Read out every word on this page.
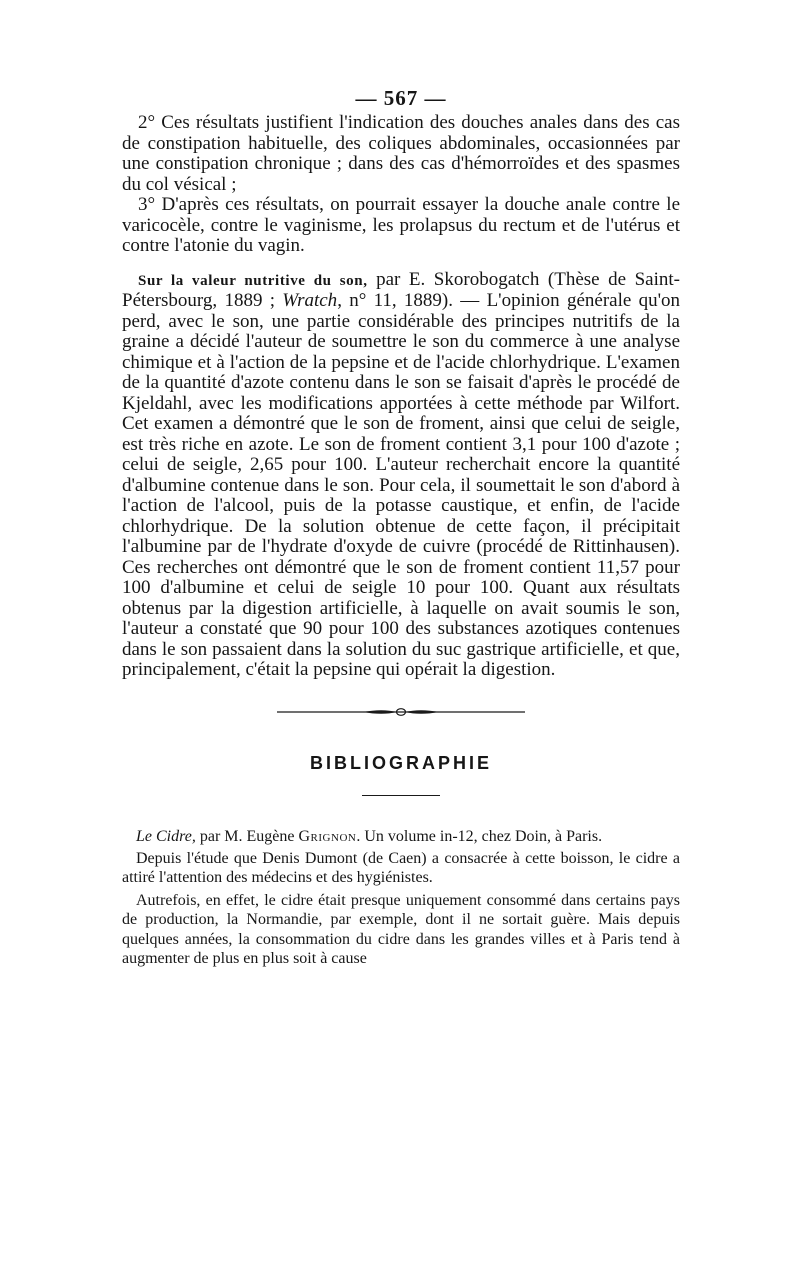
— 567 —

2° Ces résultats justifient l'indication des douches anales dans des cas de constipation habituelle, des coliques abdominales, occasionnées par une constipation chronique ; dans des cas d'hémorroïdes et des spasmes du col vésical ;

3° D'après ces résultats, on pourrait essayer la douche anale contre le varicocèle, contre le vaginisme, les prolapsus du rectum et de l'utérus et contre l'atonie du vagin.

Sur la valeur nutritive du son, par E. Skorobogatch (Thèse de Saint-Pétersbourg, 1889 ; Wratch, n° 11, 1889). — L'opinion générale qu'on perd, avec le son, une partie considérable des principes nutritifs de la graine a décidé l'auteur de soumettre le son du commerce à une analyse chimique et à l'action de la pepsine et de l'acide chlorhydrique. L'examen de la quantité d'azote contenu dans le son se faisait d'après le procédé de Kjeldahl, avec les modifications apportées à cette méthode par Wilfort. Cet examen a démontré que le son de froment, ainsi que celui de seigle, est très riche en azote. Le son de froment contient 3,1 pour 100 d'azote ; celui de seigle, 2,65 pour 100. L'auteur recherchait encore la quantité d'albumine contenue dans le son. Pour cela, il soumettait le son d'abord à l'action de l'alcool, puis de la potasse caustique, et enfin, de l'acide chlorhydrique. De la solution obtenue de cette façon, il précipitait l'albumine par de l'hydrate d'oxyde de cuivre (procédé de Rittinhausen). Ces recherches ont démontré que le son de froment contient 11,57 pour 100 d'albumine et celui de seigle 10 pour 100. Quant aux résultats obtenus par la digestion artificielle, à laquelle on avait soumis le son, l'auteur a constaté que 90 pour 100 des substances azotiques contenues dans le son passaient dans la solution du suc gastrique artificielle, et que, principalement, c'était la pepsine qui opérait la digestion.

BIBLIOGRAPHIE

Le Cidre, par M. Eugène Grignon. Un volume in-12, chez Doin, à Paris.

Depuis l'étude que Denis Dumont (de Caen) a consacrée à cette boisson, le cidre a attiré l'attention des médecins et des hygiénistes.

Autrefois, en effet, le cidre était presque uniquement consommé dans certains pays de production, la Normandie, par exemple, dont il ne sortait guère. Mais depuis quelques années, la consommation du cidre dans les grandes villes et à Paris tend à augmenter de plus en plus soit à cause
